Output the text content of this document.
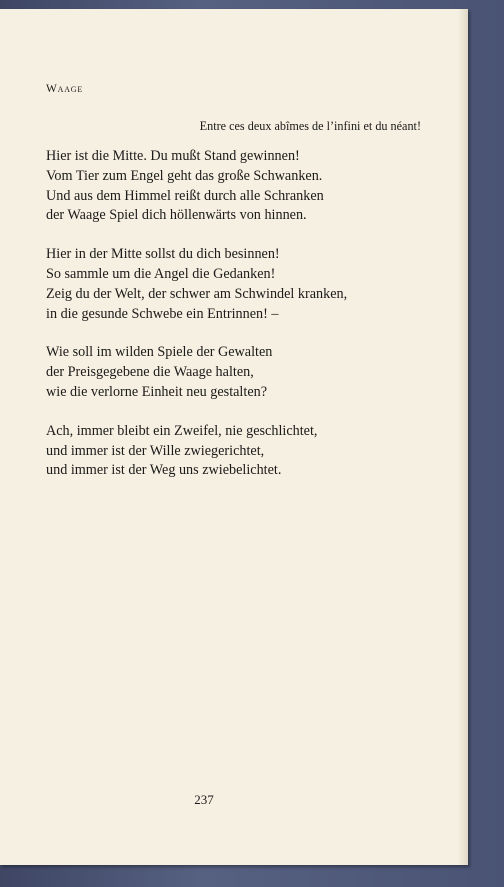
Waage
Entre ces deux abîmes de l’infini et du néant!
Hier ist die Mitte. Du mußt Stand gewinnen!
Vom Tier zum Engel geht das große Schwanken.
Und aus dem Himmel reißt durch alle Schranken
der Waage Spiel dich höllenwärts von hinnen.
Hier in der Mitte sollst du dich besinnen!
So sammle um die Angel die Gedanken!
Zeig du der Welt, der schwer am Schwindel kranken,
in die gesunde Schwebe ein Entrinnen! –
Wie soll im wilden Spiele der Gewalten
der Preisgegebene die Waage halten,
wie die verlorne Einheit neu gestalten?
Ach, immer bleibt ein Zweifel, nie geschlichtet,
und immer ist der Wille zwiegerichtet,
und immer ist der Weg uns zwiebelichtet.
237
